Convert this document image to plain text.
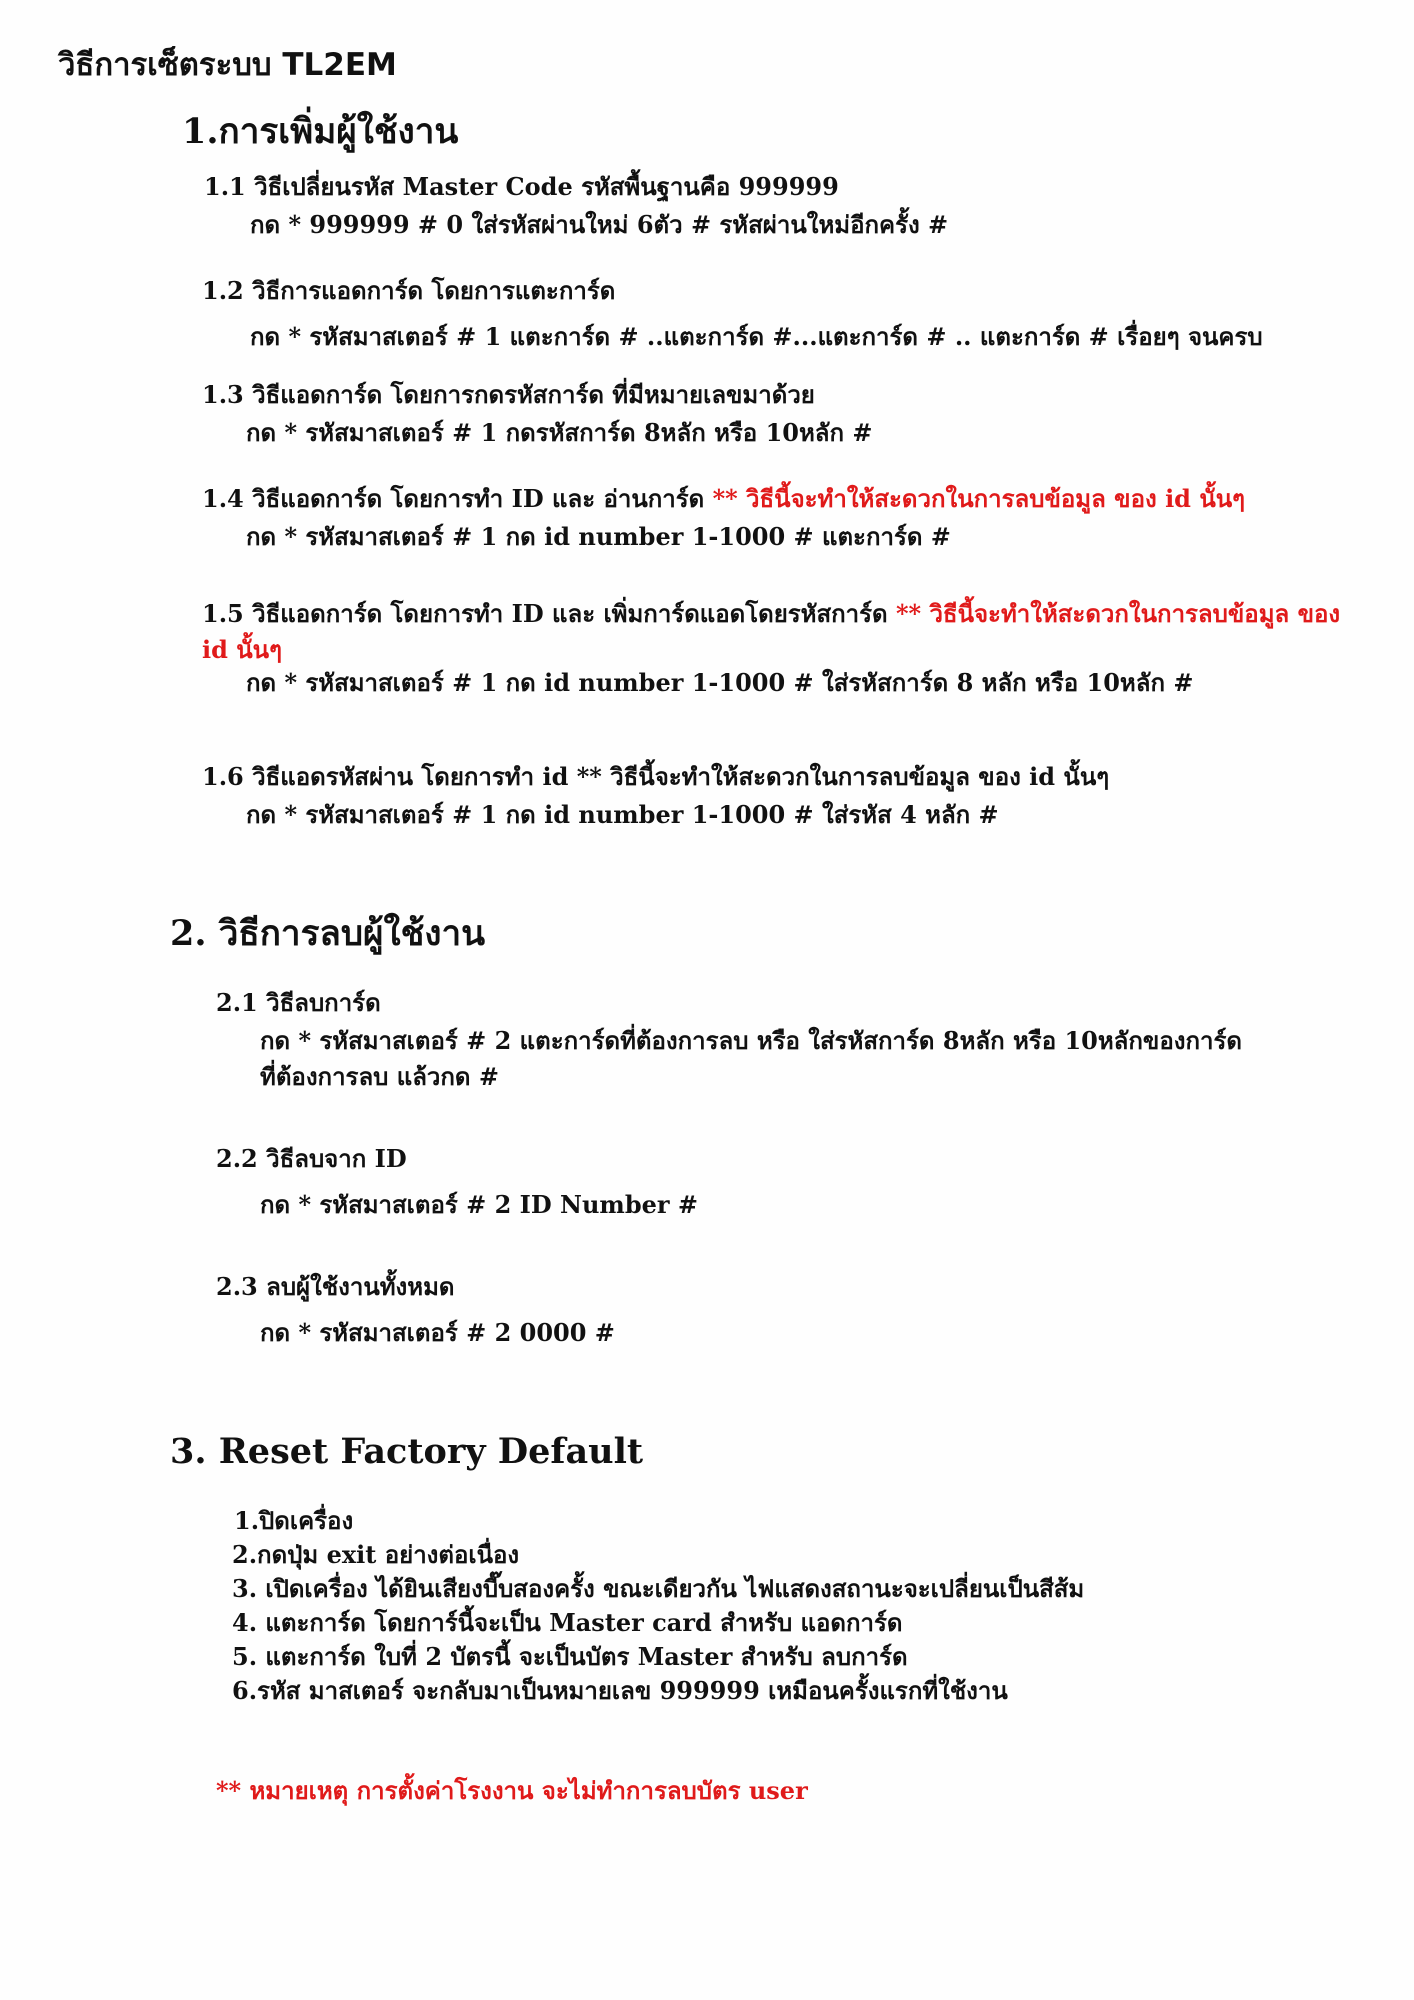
วิธีการเซ็ตระบบ TL2EM
1.การเพิ่มผู้ใช้งาน
1.1 วิธีเปลี่ยนรหัส Master Code รหัสพื้นฐานคือ 999999
กด * 999999 # 0 ใส่รหัสผ่านใหม่ 6ตัว # รหัสผ่านใหม่อีกครั้ง #
1.2 วิธีการแอดการ์ด โดยการแตะการ์ด
กด * รหัสมาสเตอร์ # 1 แตะการ์ด # ..แตะการ์ด #...แตะการ์ด # .. แตะการ์ด # เรื่อยๆ จนครบ
1.3 วิธีแอดการ์ด โดยการกดรหัสการ์ด ที่มีหมายเลขมาด้วย
กด * รหัสมาสเตอร์ # 1 กดรหัสการ์ด 8หลัก หรือ 10หลัก #
1.4 วิธีแอดการ์ด โดยการทำ ID และ อ่านการ์ด ** วิธีนี้จะทำให้สะดวกในการลบข้อมูล ของ id นั้นๆ
กด * รหัสมาสเตอร์ # 1 กด id number 1-1000 # แตะการ์ด #
1.5 วิธีแอดการ์ด โดยการทำ ID และ เพิ่มการ์ดแอดโดยรหัสการ์ด ** วิธีนี้จะทำให้สะดวกในการลบข้อมูล ของ id นั้นๆ
กด * รหัสมาสเตอร์ # 1 กด id number 1-1000 # ใส่รหัสการ์ด 8 หลัก หรือ 10หลัก #
1.6 วิธีแอดรหัสผ่าน โดยการทำ id ** วิธีนี้จะทำให้สะดวกในการลบข้อมูล ของ id นั้นๆ
กด * รหัสมาสเตอร์ # 1 กด id number 1-1000 # ใส่รหัส 4 หลัก #
2. วิธีการลบผู้ใช้งาน
2.1 วิธีลบการ์ด
กด * รหัสมาสเตอร์ # 2 แตะการ์ดที่ต้องการลบ หรือ ใส่รหัสการ์ด 8หลัก หรือ 10หลักของการ์ด
ที่ต้องการลบ แล้วกด #
2.2 วิธีลบจาก ID
กด * รหัสมาสเตอร์ # 2 ID Number #
2.3 ลบผู้ใช้งานทั้งหมด
กด * รหัสมาสเตอร์ # 2 0000 #
3. Reset Factory Default
1.ปิดเครื่อง
2.กดปุ่ม exit อย่างต่อเนื่อง
3. เปิดเครื่อง ได้ยินเสียงบี๊บสองครั้ง ขณะเดียวกัน ไฟแสดงสถานะจะเปลี่ยนเป็นสีส้ม
4. แตะการ์ด โดยการ์นี้จะเป็น Master card สำหรับ แอดการ์ด
5. แตะการ์ด ใบที่ 2 บัตรนี้ จะเป็นบัตร Master สำหรับ ลบการ์ด
6.รหัส มาสเตอร์ จะกลับมาเป็นหมายเลข 999999 เหมือนครั้งแรกที่ใช้งาน
** หมายเหตุ การตั้งค่าโรงงาน จะไม่ทำการลบบัตร user
